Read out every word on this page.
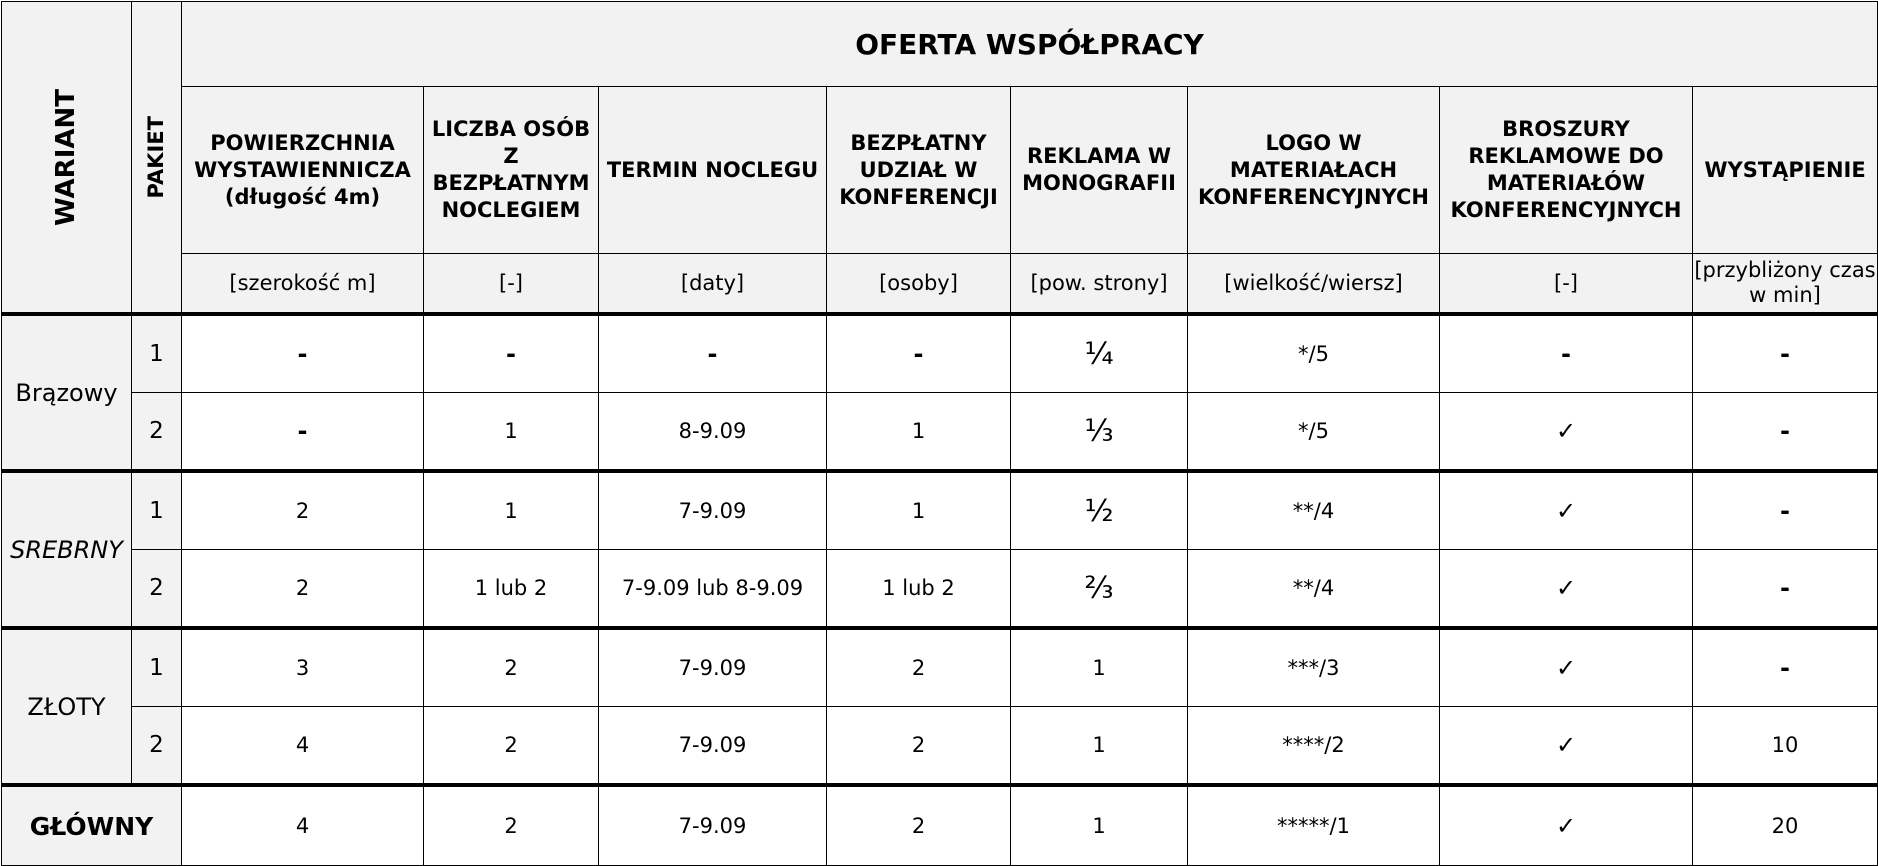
WARIANT	PAKIET	OFERTA WSPÓŁPRACY							
		POWIERZCHNIA WYSTAWIENNICZA (długość 4m)	LICZBA OSÓB Z BEZPŁATNYM NOCLEGIEM	TERMIN NOCLEGU	BEZPŁATNY UDZIAŁ W KONFERENCJI	REKLAMA W MONOGRAFII	LOGO W MATERIAŁACH KONFERENCYJNYCH	BROSZURY REKLAMOWE DO MATERIAŁÓW KONFERENCYJNYCH	WYSTĄPIENIE
		[szerokość m]	[-]	[daty]	[osoby]	[pow. strony]	[wielkość/wiersz]	[-]	[przybliżony czas w min]
Brązowy	1	-	-	-	-	¼	*/5	-	-
	2	-	1	8-9.09	1	⅓	*/5	✓	-
SREBRNY	1	2	1	7-9.09	1	½	**/4	✓	-
	2	2	1 lub 2	7-9.09 lub 8-9.09	1 lub 2	⅔	**/4	✓	-
ZŁOTY	1	3	2	7-9.09	2	1	***/3	✓	-
	2	4	2	7-9.09	2	1	****/2	✓	10
GŁÓWNY		4	2	7-9.09	2	1	*****/1	✓	20
